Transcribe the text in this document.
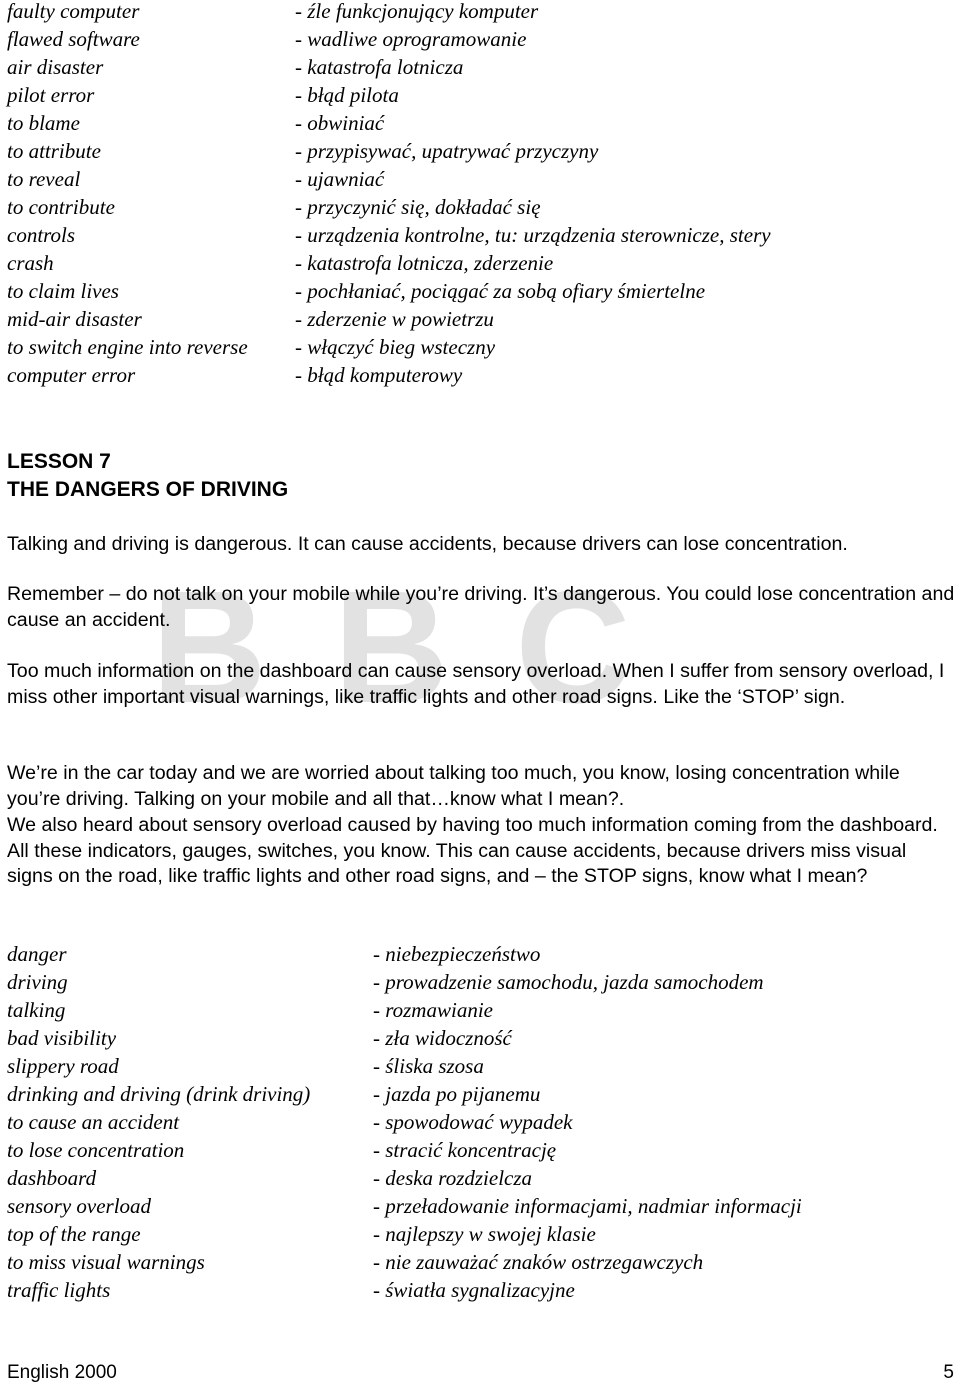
B B C
faulty computer	- źle funkcjonujący komputer
flawed software	- wadliwe oprogramowanie
air disaster	- katastrofa lotnicza
pilot error	- błąd pilota
to blame	- obwiniać
to attribute	- przypisywać, upatrywać przyczyny
to reveal	- ujawniać
to contribute	- przyczynić się, dokładać się
controls	- urządzenia kontrolne, tu: urządzenia sterownicze, stery
crash	- katastrofa lotnicza, zderzenie
to claim lives	- pochłaniać, pociągać za sobą ofiary śmiertelne
mid-air disaster	- zderzenie w powietrzu
to switch engine into reverse	- włączyć bieg wsteczny
computer error	- błąd komputerowy
LESSON 7
THE DANGERS OF DRIVING

Talking and driving is dangerous. It can cause accidents, because drivers can lose concentration.

Remember – do not talk on your mobile while you’re driving. It’s dangerous. You could lose concentration and cause an accident.

Too much information on the dashboard can cause sensory overload. When I suffer from sensory overload, I miss other important visual warnings, like traffic lights and other road signs. Like the ‘STOP’ sign.

We’re in the car today and we are worried about talking too much, you know, losing concentration while you’re driving. Talking on your mobile and all that…know what I mean?.

We also heard about sensory overload caused by having too much information coming from the dashboard. All these indicators, gauges, switches, you know. This can cause accidents, because drivers miss visual signs on the road, like traffic lights and other road signs, and – the STOP signs, know what I mean?

danger	- niebezpieczeństwo
driving	- prowadzenie samochodu, jazda samochodem
talking	- rozmawianie
bad visibility	- zła widoczność
slippery road	- śliska szosa
drinking and driving (drink driving)	- jazda po pijanemu
to cause an accident	- spowodować wypadek
to lose concentration	- stracić koncentrację
dashboard	- deska rozdzielcza
sensory overload	- przeładowanie informacjami, nadmiar informacji
top of the range	- najlepszy w swojej klasie
to miss visual warnings	- nie zauważać znaków ostrzegawczych
traffic lights	- światła sygnalizacyjne
English 2000	5
